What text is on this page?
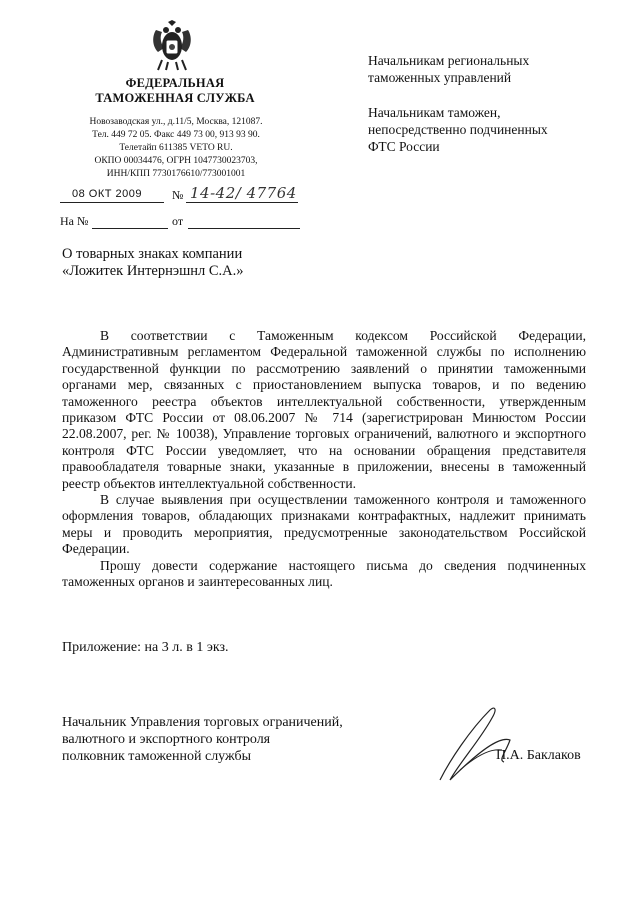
ФЕДЕРАЛЬНАЯ
ТАМОЖЕННАЯ СЛУЖБА
Новозаводская ул., д.11/5, Москва, 121087.
Тел. 449 72 05. Факс 449 73 00, 913 93 90.
Телетайп 611385 VETO RU.
ОКПО 00034476, ОГРН 1047730023703,
ИНН/КПП 7730176610/773001001
08 ОКТ 2009 № 14-42/ 47764
На №	от
Начальникам региональных
таможенных управлений
Начальникам таможен,
непосредственно подчиненных
ФТС России
О товарных знаках компании
«Ложитек Интернэшнл С.А.»

В соответствии с Таможенным кодексом Российской Федерации, Административным регламентом Федеральной таможенной службы по исполнению государственной функции по рассмотрению заявлений о принятии таможенными органами мер, связанных с приостановлением выпуска товаров, и по ведению таможенного реестра объектов интеллектуальной собственности, утвержденным приказом ФТС России от 08.06.2007 № 714 (зарегистрирован Минюстом России 22.08.2007, рег. № 10038), Управление торговых ограничений, валютного и экспортного контроля ФТС России уведомляет, что на основании обращения представителя правообладателя товарные знаки, указанные в приложении, внесены в таможенный реестр объектов интеллектуальной собственности.

В случае выявления при осуществлении таможенного контроля и таможенного оформления товаров, обладающих признаками контрафактных, надлежит принимать меры и проводить мероприятия, предусмотренные законодательством Российской Федерации.

Прошу довести содержание настоящего письма до сведения подчиненных таможенных органов и заинтересованных лиц.

Приложение: на 3 л. в 1 экз.
Начальник Управления торговых ограничений,
валютного и экспортного контроля
полковник таможенной службы	П.А. Баклаков
